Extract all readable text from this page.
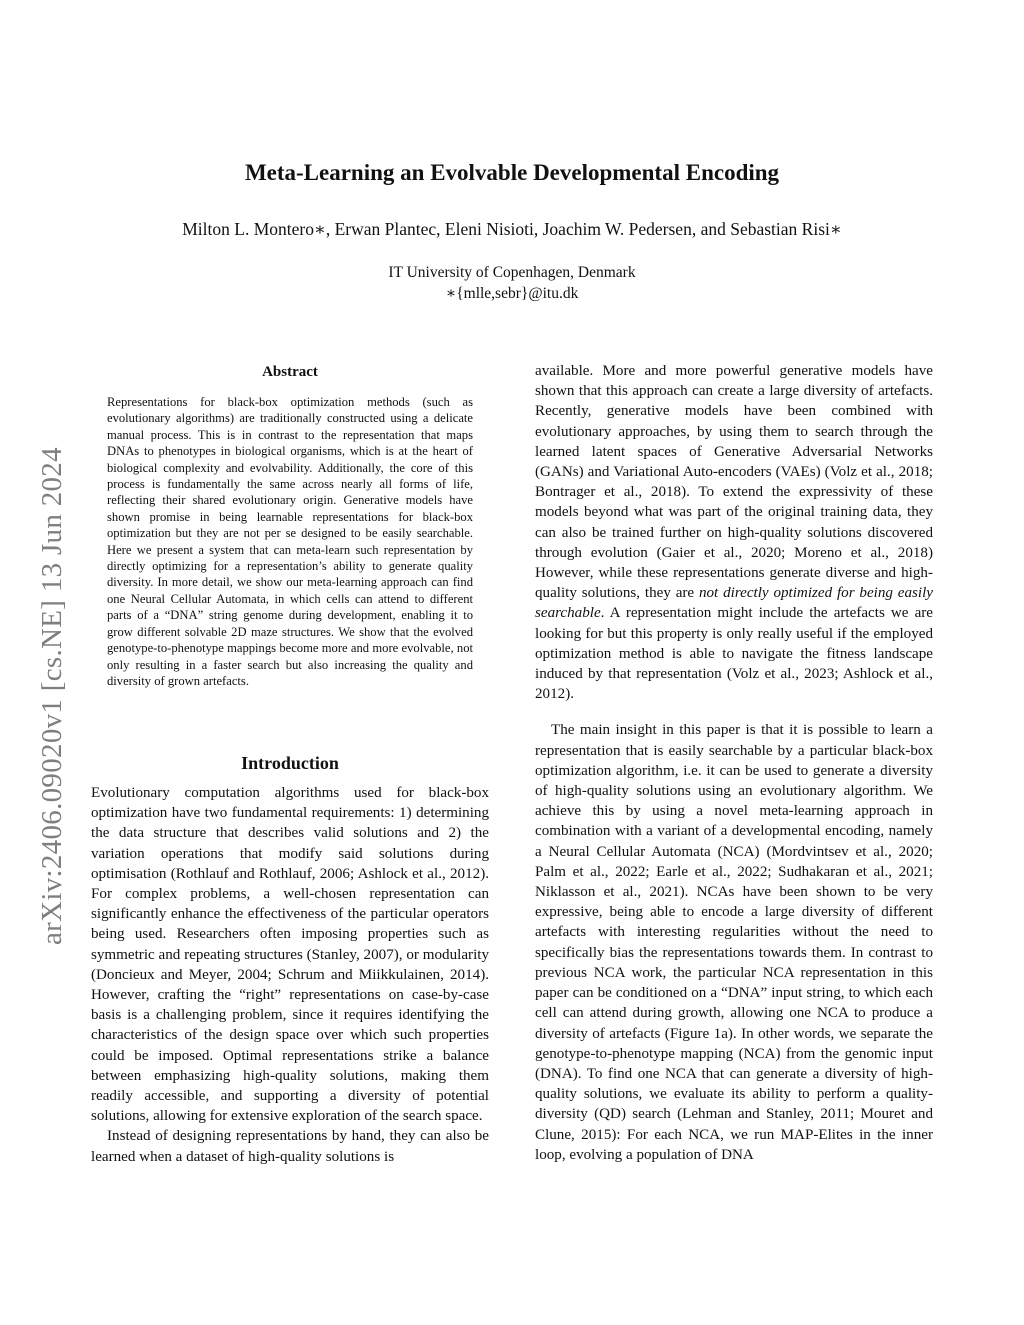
Meta-Learning an Evolvable Developmental Encoding
Milton L. Montero∗, Erwan Plantec, Eleni Nisioti, Joachim W. Pedersen, and Sebastian Risi∗
IT University of Copenhagen, Denmark
∗{mlle,sebr}@itu.dk
arXiv:2406.09020v1 [cs.NE] 13 Jun 2024
Abstract
Representations for black-box optimization methods (such as evolutionary algorithms) are traditionally constructed using a delicate manual process. This is in contrast to the representation that maps DNAs to phenotypes in biological organisms, which is at the heart of biological complexity and evolvability. Additionally, the core of this process is fundamentally the same across nearly all forms of life, reflecting their shared evolutionary origin. Generative models have shown promise in being learnable representations for black-box optimization but they are not per se designed to be easily searchable. Here we present a system that can meta-learn such representation by directly optimizing for a representation’s ability to generate quality diversity. In more detail, we show our meta-learning approach can find one Neural Cellular Automata, in which cells can attend to different parts of a “DNA” string genome during development, enabling it to grow different solvable 2D maze structures. We show that the evolved genotype-to-phenotype mappings become more and more evolvable, not only resulting in a faster search but also increasing the quality and diversity of grown artefacts.
Introduction

Evolutionary computation algorithms used for black-box optimization have two fundamental requirements: 1) determining the data structure that describes valid solutions and 2) the variation operations that modify said solutions during optimisation (Rothlauf and Rothlauf, 2006; Ashlock et al., 2012). For complex problems, a well-chosen representation can significantly enhance the effectiveness of the particular operators being used. Researchers often imposing properties such as symmetric and repeating structures (Stanley, 2007), or modularity (Doncieux and Meyer, 2004; Schrum and Miikkulainen, 2014). However, crafting the “right” representations on case-by-case basis is a challenging problem, since it requires identifying the characteristics of the design space over which such properties could be imposed. Optimal representations strike a balance between emphasizing high-quality solutions, making them readily accessible, and supporting a diversity of potential solutions, allowing for extensive exploration of the search space.

Instead of designing representations by hand, they can also be learned when a dataset of high-quality solutions is

available. More and more powerful generative models have shown that this approach can create a large diversity of artefacts. Recently, generative models have been combined with evolutionary approaches, by using them to search through the learned latent spaces of Generative Adversarial Networks (GANs) and Variational Auto-encoders (VAEs) (Volz et al., 2018; Bontrager et al., 2018). To extend the expressivity of these models beyond what was part of the original training data, they can also be trained further on high-quality solutions discovered through evolution (Gaier et al., 2020; Moreno et al., 2018) However, while these representations generate diverse and high-quality solutions, they are not directly optimized for being easily searchable. A representation might include the artefacts we are looking for but this property is only really useful if the employed optimization method is able to navigate the fitness landscape induced by that representation (Volz et al., 2023; Ashlock et al., 2012).

The main insight in this paper is that it is possible to learn a representation that is easily searchable by a particular black-box optimization algorithm, i.e. it can be used to generate a diversity of high-quality solutions using an evolutionary algorithm. We achieve this by using a novel meta-learning approach in combination with a variant of a developmental encoding, namely a Neural Cellular Automata (NCA) (Mordvintsev et al., 2020; Palm et al., 2022; Earle et al., 2022; Sudhakaran et al., 2021; Niklasson et al., 2021). NCAs have been shown to be very expressive, being able to encode a large diversity of different artefacts with interesting regularities without the need to specifically bias the representations towards them. In contrast to previous NCA work, the particular NCA representation in this paper can be conditioned on a “DNA” input string, to which each cell can attend during growth, allowing one NCA to produce a diversity of artefacts (Figure 1a). In other words, we separate the genotype-to-phenotype mapping (NCA) from the genomic input (DNA). To find one NCA that can generate a diversity of high-quality solutions, we evaluate its ability to perform a quality-diversity (QD) search (Lehman and Stanley, 2011; Mouret and Clune, 2015): For each NCA, we run MAP-Elites in the inner loop, evolving a population of DNA
